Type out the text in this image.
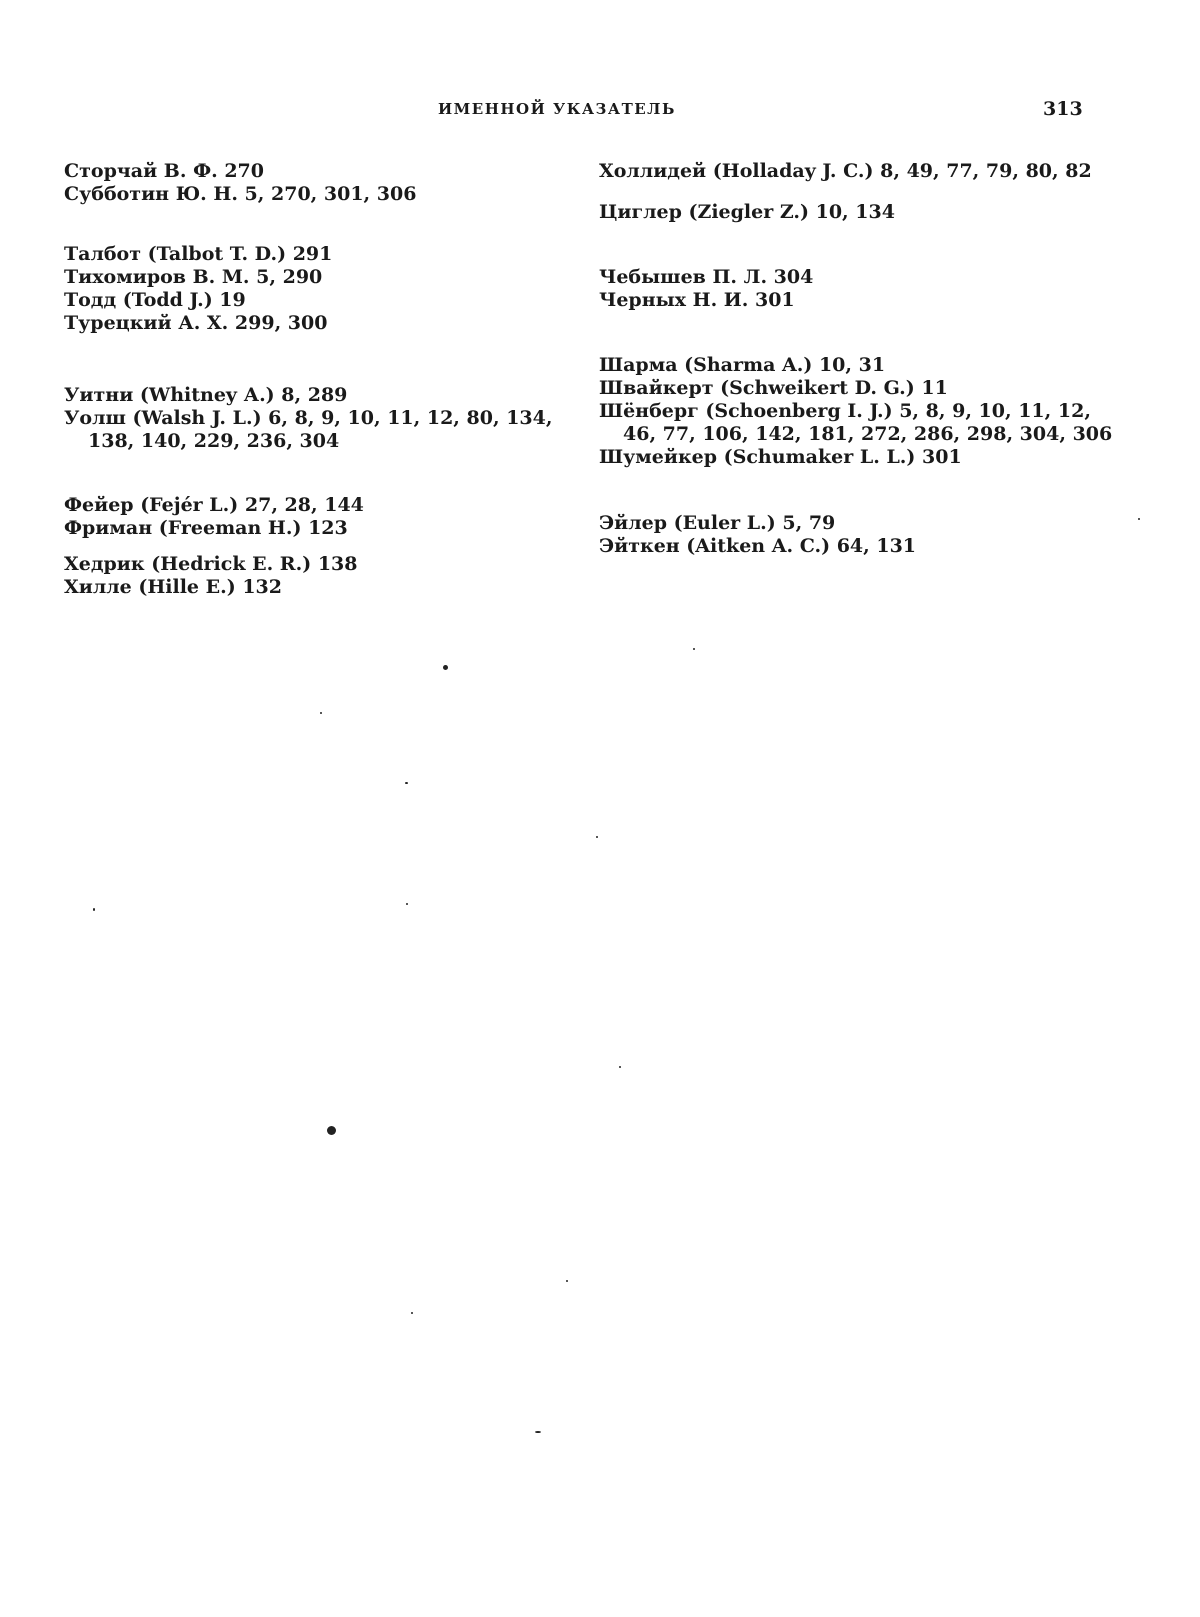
ИМЕННОЙ УКАЗАТЕЛЬ	313
Сторчай В. Ф. 270
Субботин Ю. Н. 5, 270, 301, 306
Талбот (Talbot T. D.) 291
Тихомиров В. М. 5, 290
Тодд (Todd J.) 19
Турецкий А. X. 299, 300
Уитни (Whitney А.) 8, 289
Уолш (Walsh J. L.) 6, 8, 9, 10, 11, 12, 80, 134, 138, 140, 229, 236, 304
Фейер (Fejér L.) 27, 28, 144
Фриман (Freeman H.) 123
Хедрик (Hedrick E. R.) 138
Хилле (Hille E.) 132
Холлидей (Holladay J. C.) 8, 49, 77, 79, 80, 82
Циглер (Ziegler Z.) 10, 134
Чебышев П. Л. 304
Черных Н. И. 301
Шарма (Sharma A.) 10, 31
Швайкерт (Schweikert D. G.) 11
Шёнберг (Schoenberg I. J.) 5, 8, 9, 10, 11, 12, 46, 77, 106, 142, 181, 272, 286, 298, 304, 306
Шумейкер (Schumaker L. L.) 301
Эйлер (Euler L.) 5, 79
Эйткен (Aitken A. C.) 64, 131
